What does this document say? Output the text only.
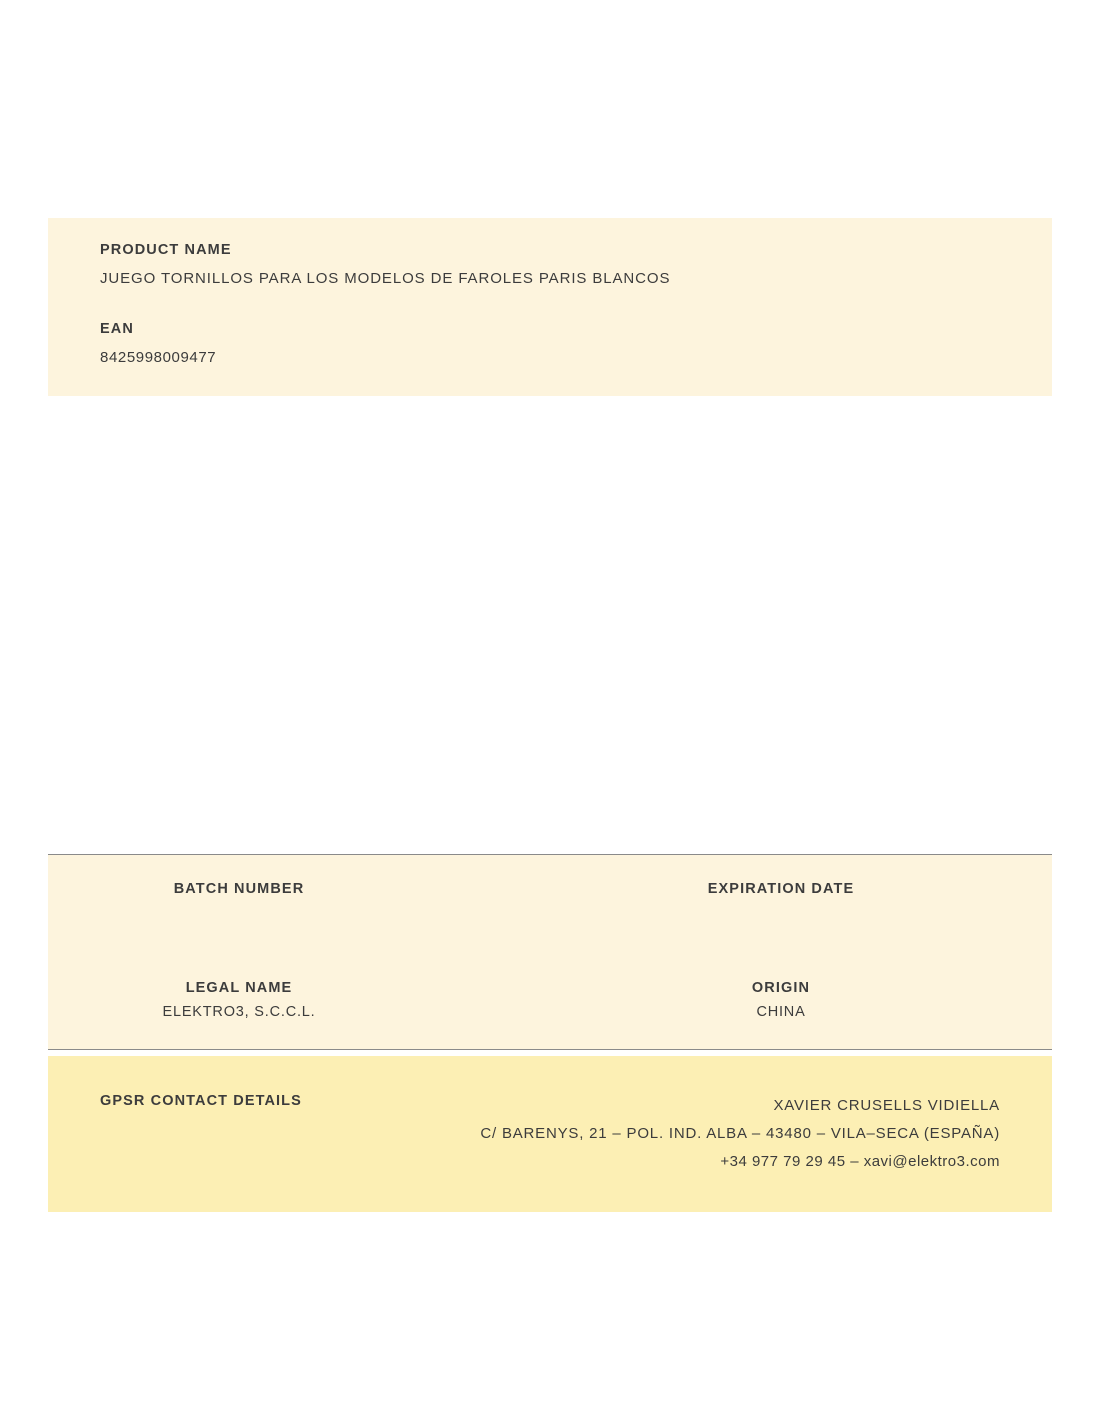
PRODUCT NAME

JUEGO TORNILLOS PARA LOS MODELOS DE FAROLES PARIS BLANCOS

EAN

8425998009477

BATCH NUMBER	EXPIRATION DATE

LEGAL NAME

ELEKTRO3, S.C.C.L.

ORIGIN

CHINA

GPSR CONTACT DETAILS	XAVIER CRUSELLS VIDIELLA
C/ BARENYS, 21 – POL. IND. ALBA – 43480 – VILA–SECA (ESPAÑA)
+34 977 79 29 45 – xavi@elektro3.com
